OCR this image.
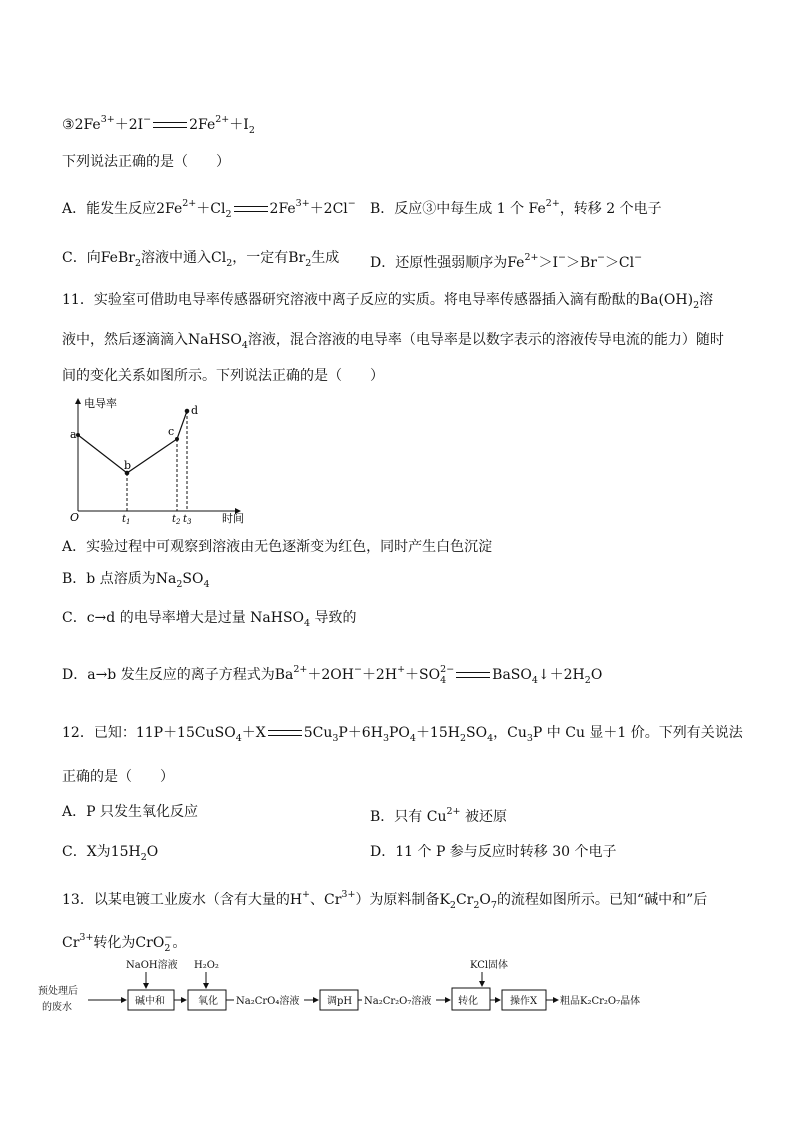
$③2Fe^{3+}+2I^-$	$2Fe^{2+}+I_2$
下列说法正确的是（　　）
A．能发生反应$2Fe^{2+}+Cl_2$	$2Fe^{3+}+2Cl^-$ B．反应③中每生成 1 个 $Fe^{2+}$，转移 2 个电子
C．向FeBr$_2$溶液中通入$Cl_2$，一定有$Br_2$生成 D．还原性强弱顺序为$Fe^{2+}>I^->Br^->Cl^-$
11．实验室可借助电导率传感器研究溶液中离子反应的实质。将电导率传感器插入滴有酚酞的$Ba(OH)_2$溶
液中，然后逐滴滴入NaHSO$_4$溶液，混合溶液的电导率（电导率是以数字表示的溶液传导电流的能力）随时
间的变化关系如图所示。下列说法正确的是（　　）
电导率
时间
O
a
b
c
d
$t_1$	$t_2$ $t_3$
A．实验过程中可观察到溶液由无色逐渐变为红色，同时产生白色沉淀
B．b 点溶质为$Na_2SO_4$
C．c→d 的电导率增大是过量 NaHSO$_4$ 导致的
D．a→b 发生反应的离子方程式为$Ba^{2+}+2OH^-+2H^++SO_4^{2-}$	$BaSO_4↓+2H_2O$
12．已知：11P＋15CuSO$_4$＋X	$5Cu_3P+6H_3PO_4+15H_2SO_4$，$Cu_3P$ 中 Cu 显＋1 价。下列有关说法
正确的是（　　）
A．P 只发生氧化反应	B．只有 $Cu^{2+}$ 被还原
C．X为$15H_2O$	D．11 个 P 参与反应时转移 30 个电子
13．以某电镀工业废水（含有大量的H+、$Cr^{3+}$）为原料制备$K_2Cr_2O_7$的流程如图所示。已知“碱中和”后
$Cr^{3+}$转化为CrO$_2$−。
预处理后
的废水
NaOH溶液 H₂O₂	KCl固体
碱中和	氧化 Na₂CrO₄溶液	调pH Na₂Cr₂O₇溶液	转化	操作X 粗品K₂Cr₂O₇晶体
